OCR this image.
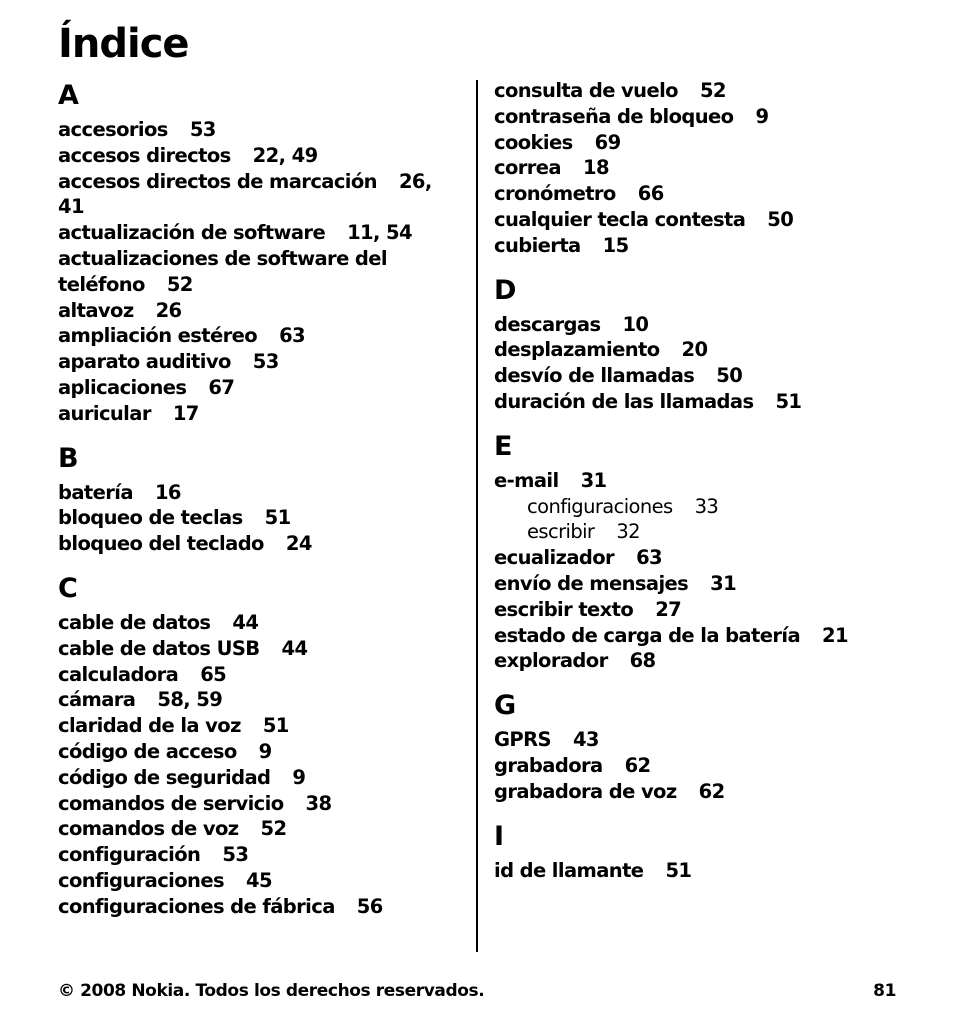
Índice
A
accesorios 53
accesos directos 22, 49
accesos directos de marcación 26, 41
actualización de software 11, 54
actualizaciones de software del teléfono 52
altavoz 26
ampliación estéreo 63
aparato auditivo 53
aplicaciones 67
auricular 17
B
batería 16
bloqueo de teclas 51
bloqueo del teclado 24
C
cable de datos 44
cable de datos USB 44
calculadora 65
cámara 58, 59
claridad de la voz 51
código de acceso 9
código de seguridad 9
comandos de servicio 38
comandos de voz 52
configuración 53
configuraciones 45
configuraciones de fábrica 56
consulta de vuelo 52
contraseña de bloqueo 9
cookies 69
correa 18
cronómetro 66
cualquier tecla contesta 50
cubierta 15
D
descargas 10
desplazamiento 20
desvío de llamadas 50
duración de las llamadas 51
E
e-mail 31
configuraciones 33
escribir 32
ecualizador 63
envío de mensajes 31
escribir texto 27
estado de carga de la batería 21
explorador 68
G
GPRS 43
grabadora 62
grabadora de voz 62
I
id de llamante 51
© 2008 Nokia. Todos los derechos reservados.	81
